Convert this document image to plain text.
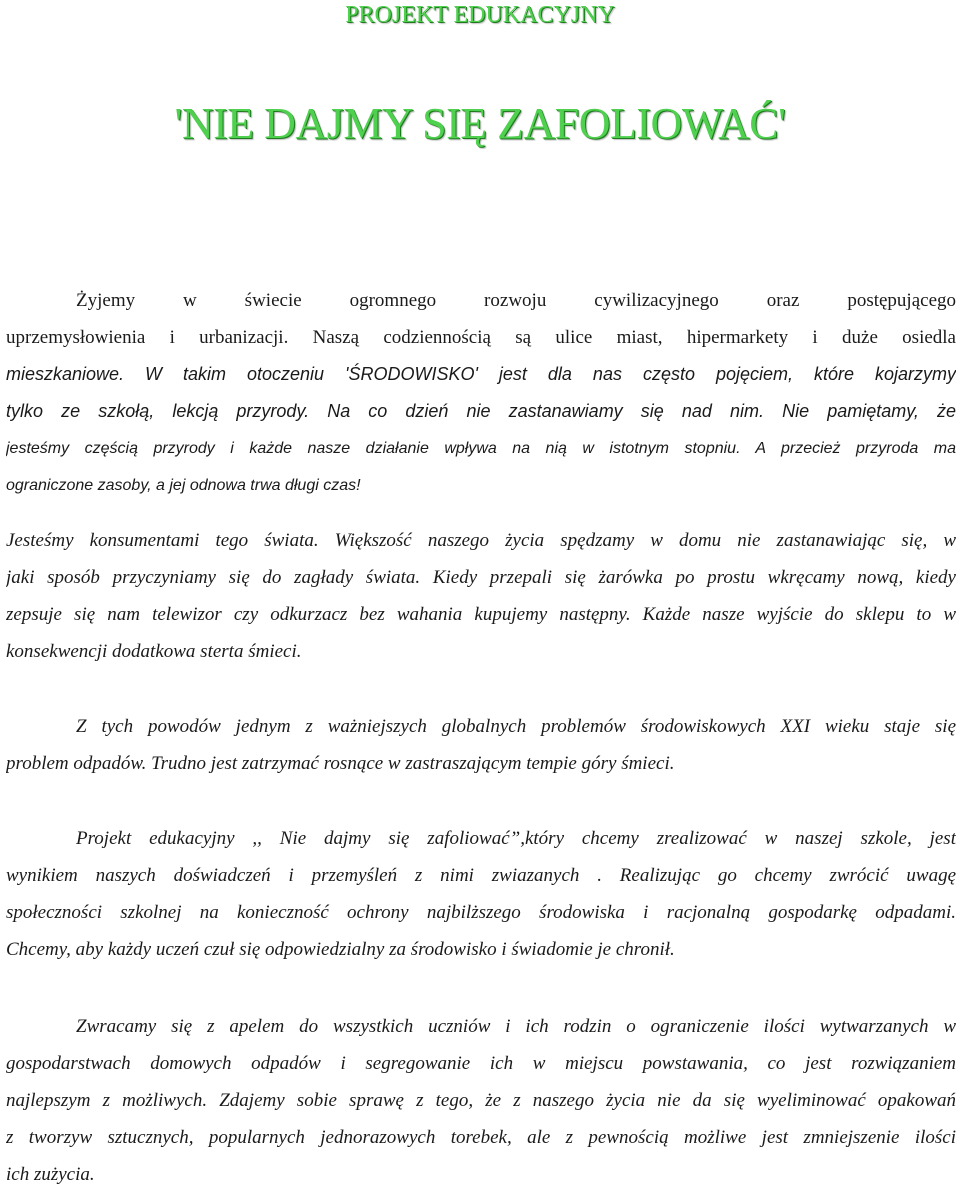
PROJEKT EDUKACYJNY
'NIE DAJMY SIĘ ZAFOLIOWAĆ'
Żyjemy w świecie ogromnego rozwoju cywilizacyjnego oraz postępującego
uprzemysłowienia i urbanizacji. Naszą codziennością są ulice miast, hipermarkety i duże osiedla
mieszkaniowe. W takim otoczeniu 'ŚRODOWISKO' jest dla nas często pojęciem, które kojarzymy
tylko ze szkołą, lekcją przyrody. Na co dzień nie zastanawiamy się nad nim. Nie pamiętamy, że
jesteśmy częścią przyrody i każde nasze działanie wpływa na nią w istotnym stopniu. A przecież przyroda ma
ograniczone zasoby, a jej odnowa trwa długi czas!
Jesteśmy konsumentami tego świata. Większość naszego życia spędzamy w domu nie zastanawiając się, w
jaki sposób przyczyniamy się do zagłady świata. Kiedy przepali się żarówka po prostu wkręcamy nową, kiedy
zepsuje się nam telewizor czy odkurzacz bez wahania kupujemy następny. Każde nasze wyjście do sklepu to w
konsekwencji dodatkowa sterta śmieci.
Z tych powodów jednym z ważniejszych globalnych problemów środowiskowych XXI wieku staje się
problem odpadów. Trudno jest zatrzymać rosnące w zastraszającym tempie góry śmieci.
Projekt edukacyjny ,, Nie dajmy się zafoliować”,który chcemy zrealizować w naszej szkole, jest
wynikiem naszych doświadczeń i przemyśleń z nimi zwiazanych . Realizując go chcemy zwrócić uwagę
społeczności szkolnej na konieczność ochrony najbilższego środowiska i racjonalną gospodarkę odpadami.
Chcemy, aby każdy uczeń czuł się odpowiedzialny za środowisko i świadomie je chronił.
Zwracamy się z apelem do wszystkich uczniów i ich rodzin o ograniczenie ilości wytwarzanych w
gospodarstwach domowych odpadów i segregowanie ich w miejscu powstawania, co jest rozwiązaniem
najlepszym z możliwych. Zdajemy sobie sprawę z tego, że z naszego życia nie da się wyeliminować opakowań
z tworzyw sztucznych, popularnych jednorazowych torebek, ale z pewnością możliwe jest zmniejszenie ilości
ich zużycia.
